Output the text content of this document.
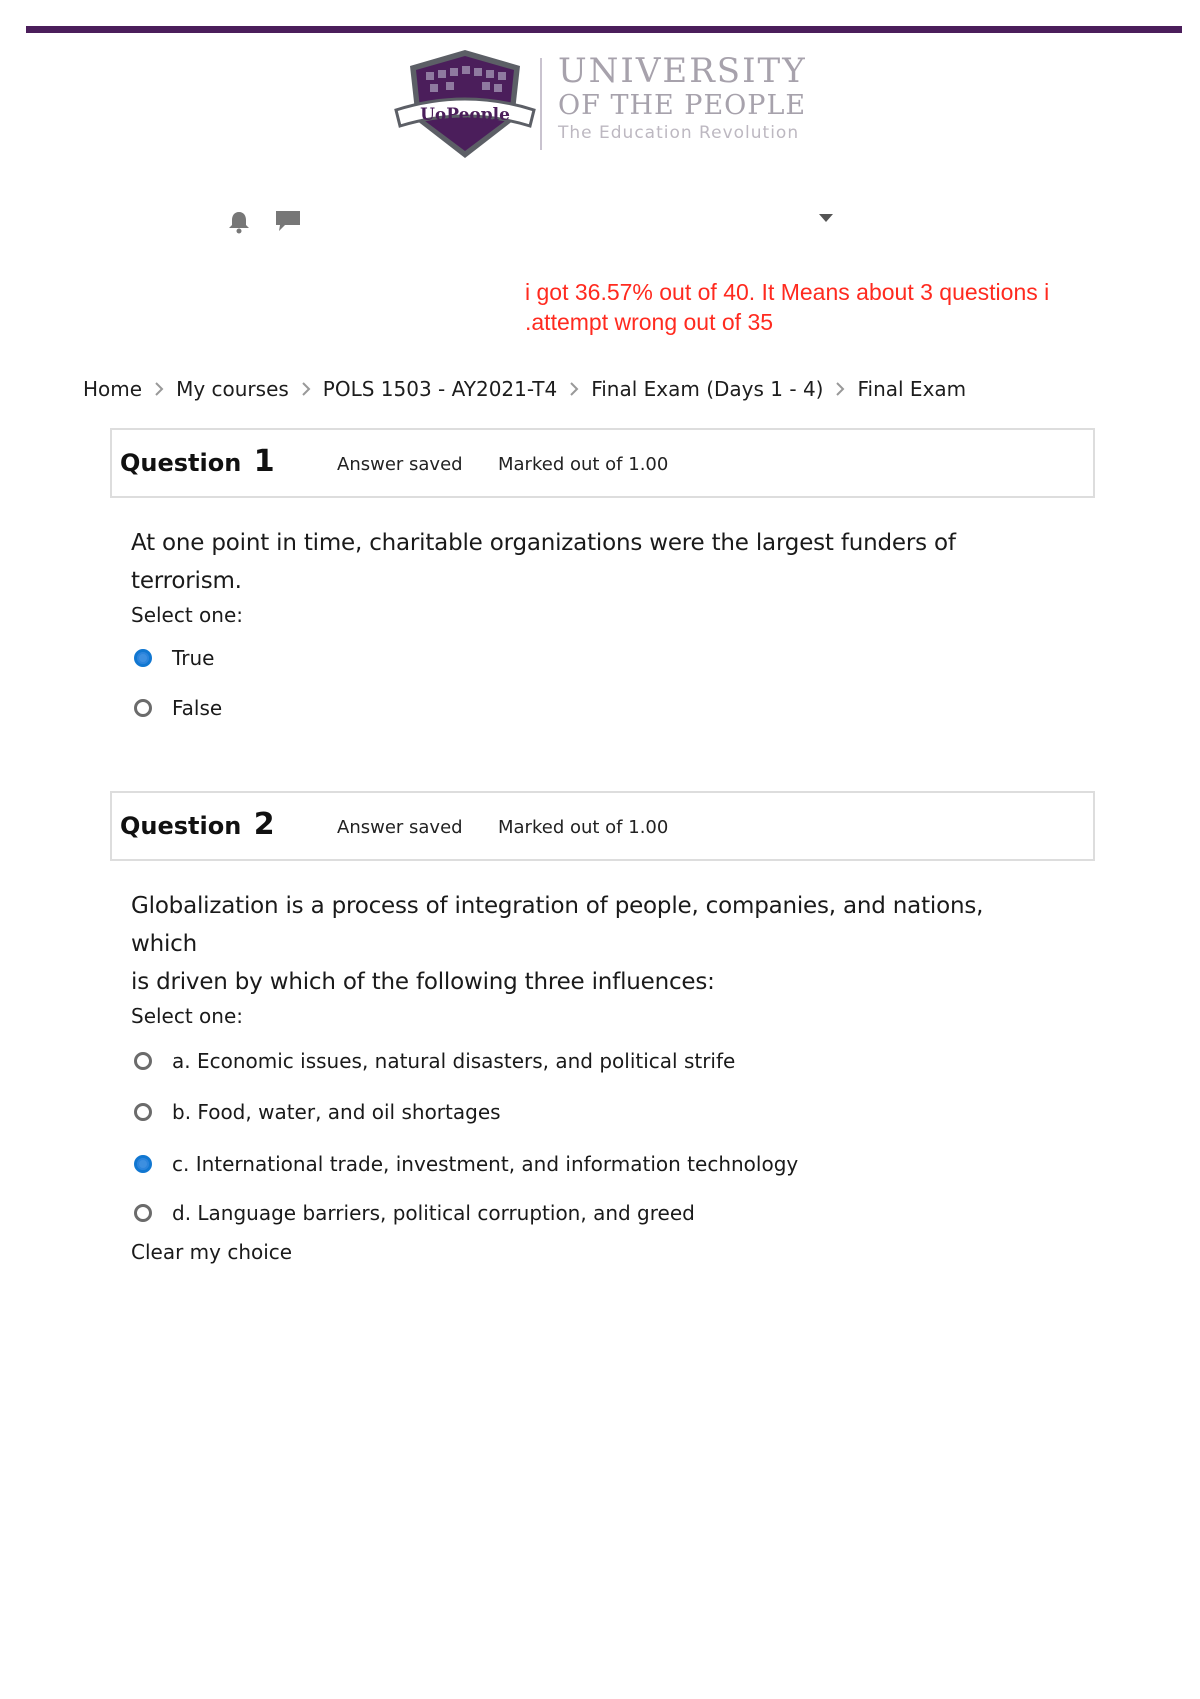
UoPeople
UNIVERSITY
OF THE PEOPLE
The Education Revolution
i got 36.57% out of 40. It Means about 3 questions i
.attempt wrong out of 35
Home My courses POLS 1503 - AY2021-T4 Final Exam (Days 1 - 4) Final Exam
Question 1	Answer saved Marked out of 1.00
At one point in time, charitable organizations were the largest funders of terrorism.
Select one:
True
False
Question 2	Answer saved Marked out of 1.00
Globalization is a process of integration of people, companies, and nations, which
is driven by which of the following three influences:
Select one:
a. Economic issues, natural disasters, and political strife
b. Food, water, and oil shortages
c. International trade, investment, and information technology
d. Language barriers, political corruption, and greed
Clear my choice
